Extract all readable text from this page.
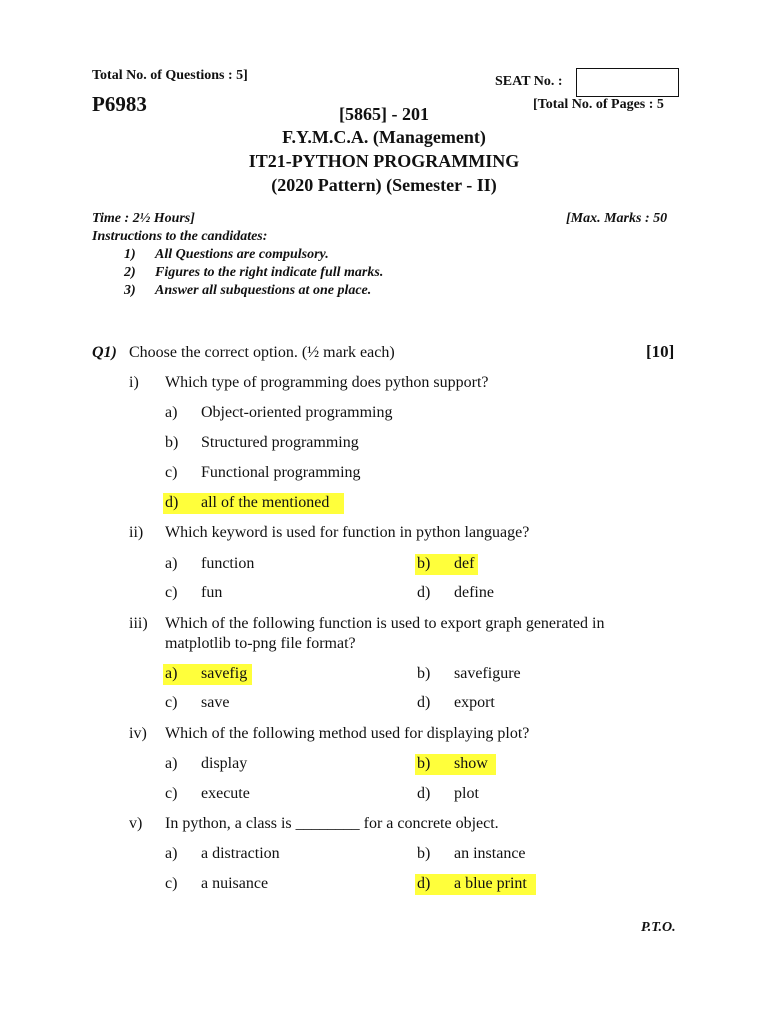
Total No. of Questions : 5]	SEAT No. :
P6983	[Total No. of Pages : 5
[5865] - 201
F.Y.M.C.A. (Management)
IT21-PYTHON PROGRAMMING
(2020 Pattern) (Semester - II)
Time : 2½ Hours]	[Max. Marks : 50
Instructions to the candidates:
1) All Questions are compulsory.
2) Figures to the right indicate full marks.
3) Answer all subquestions at one place.
Q1) Choose the correct option. (½ mark each)	[10]
i) Which type of programming does python support?
a) Object-oriented programming
b) Structured programming
c) Functional programming
d) all of the mentioned
ii) Which keyword is used for function in python language?
a) function	b) def
c) fun	d) define
iii) Which of the following function is used to export graph generated in
matplotlib to-png file format?
a) savefig	b) savefigure
c) save	d) export
iv) Which of the following method used for displaying plot?
a) display	b) show
c) execute	d) plot
v) In python, a class is ________ for a concrete object.
a) a distraction	b) an instance
c) a nuisance	d) a blue print
P.T.O.
